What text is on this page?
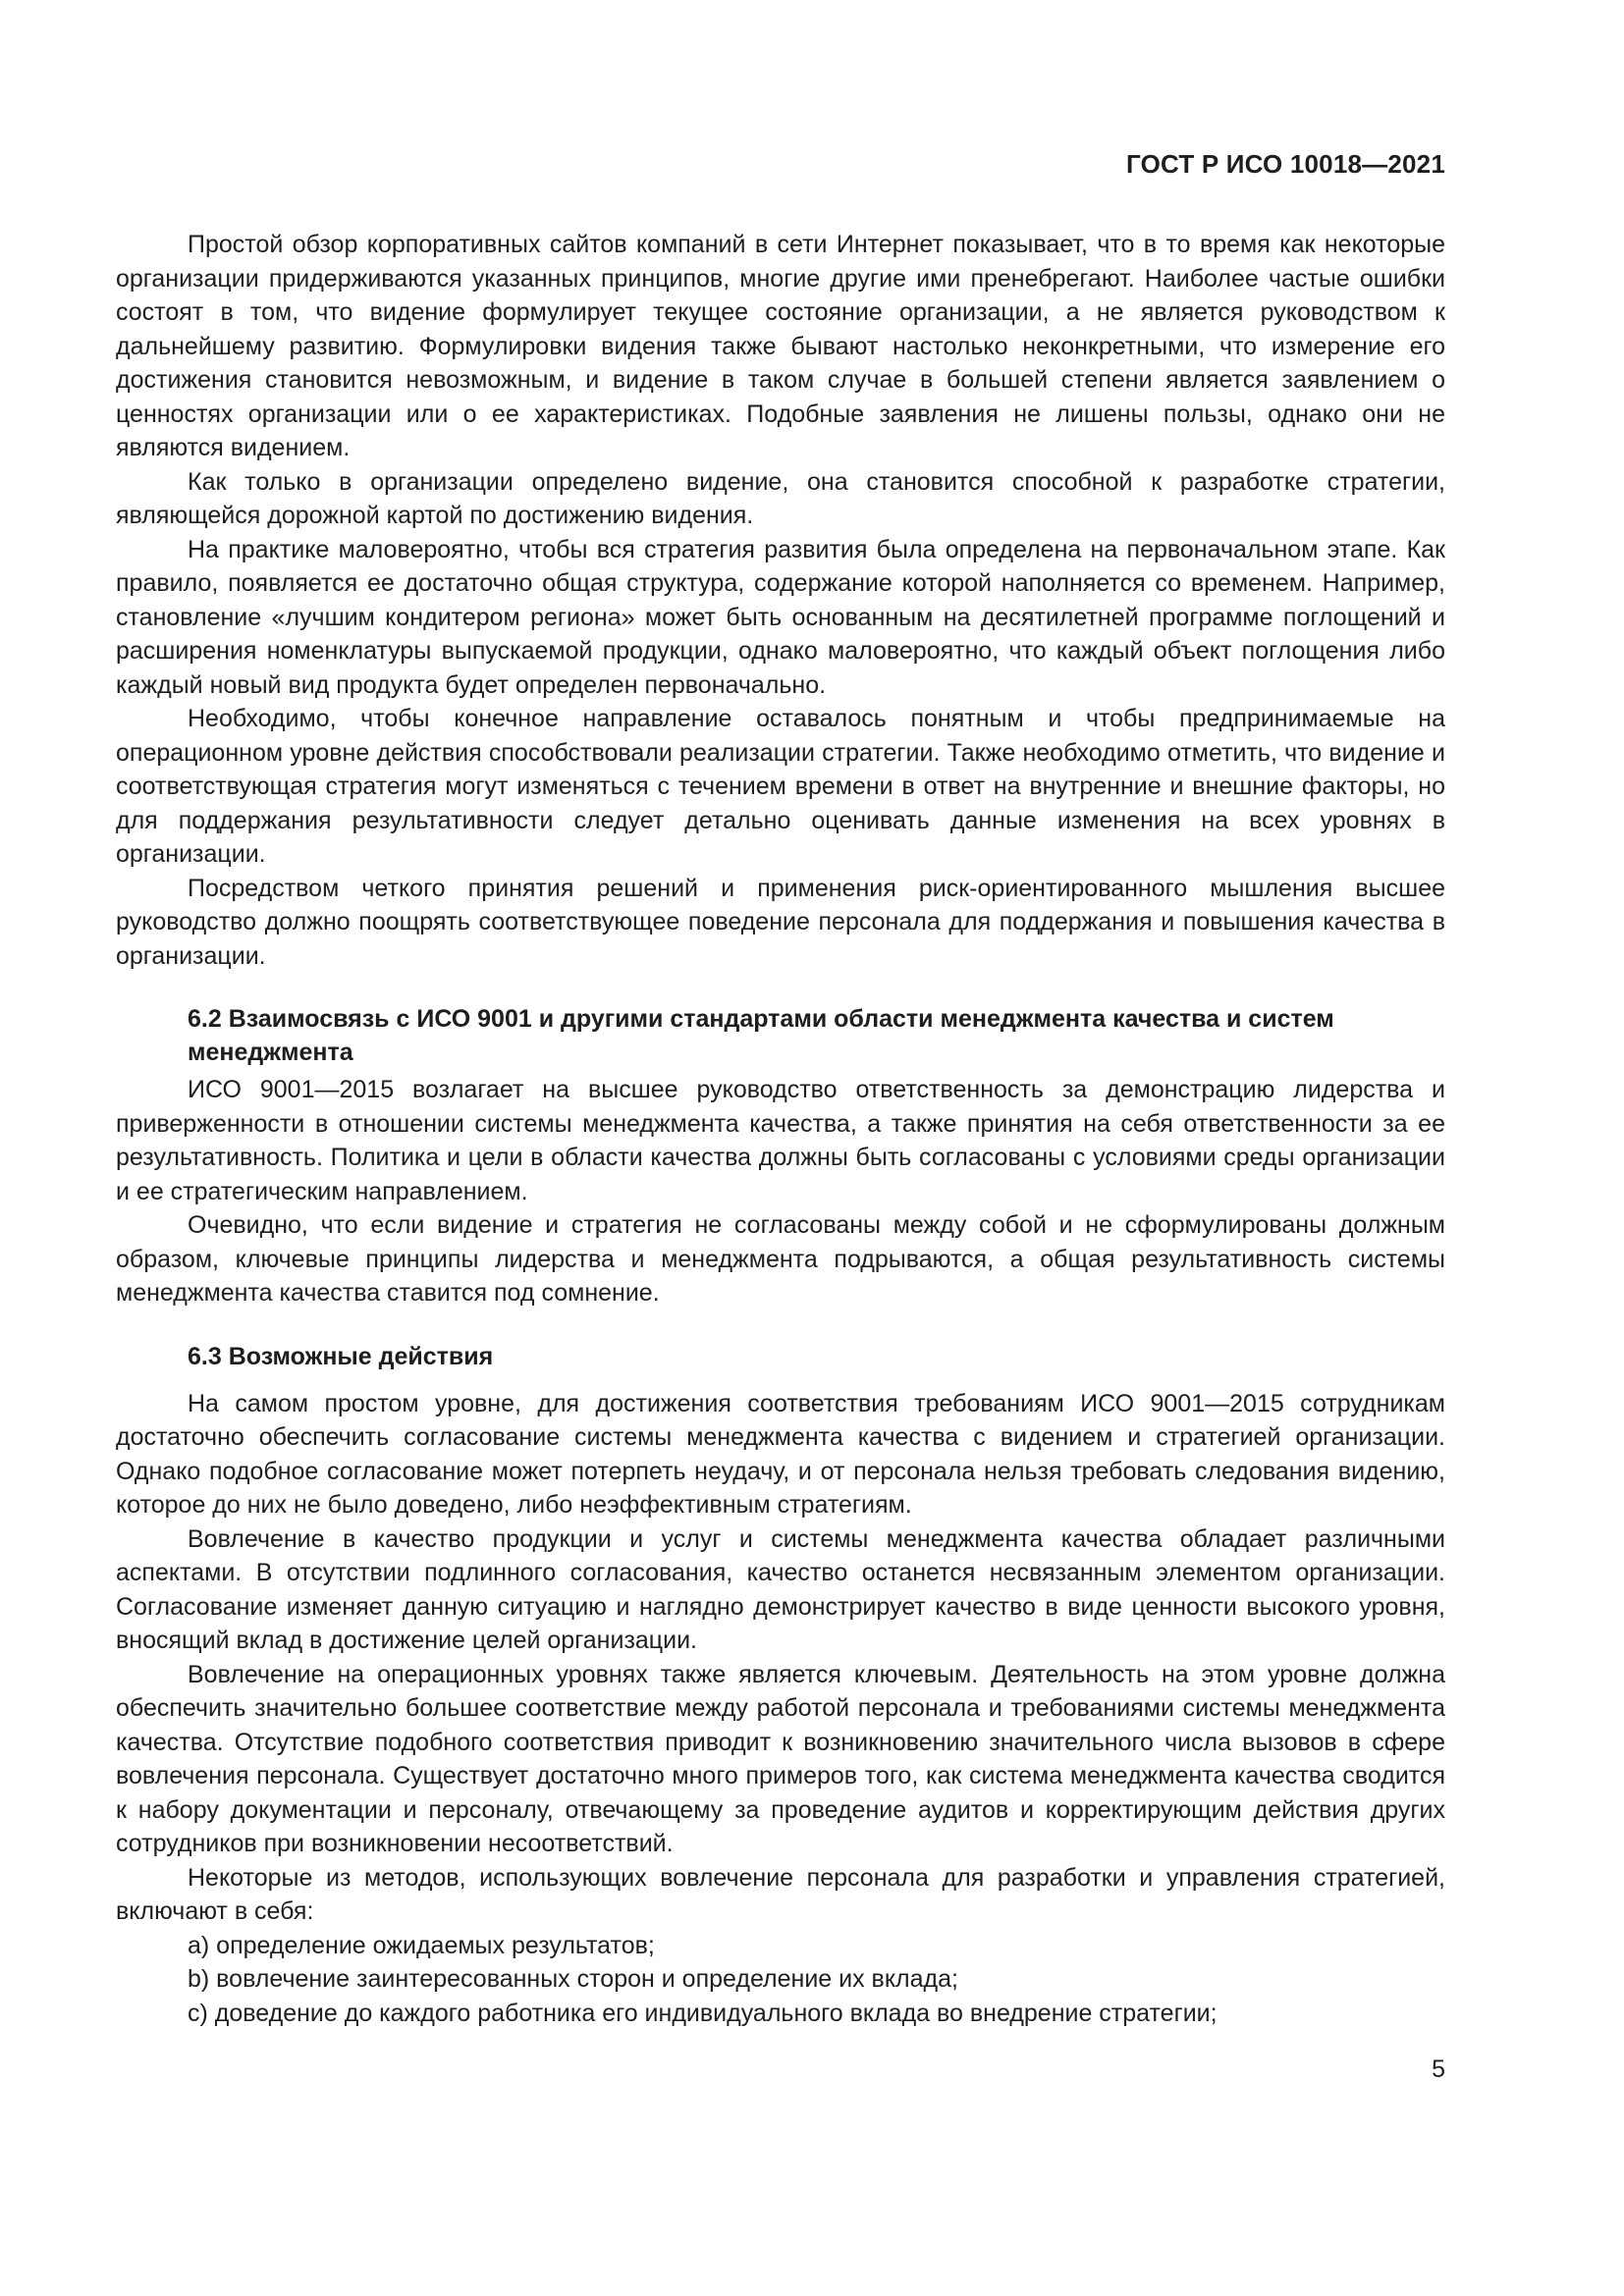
ГОСТ Р ИСО 10018—2021

Простой обзор корпоративных сайтов компаний в сети Интернет показывает, что в то время как некоторые организации придерживаются указанных принципов, многие другие ими пренебрегают. Наиболее частые ошибки состоят в том, что видение формулирует текущее состояние организации, а не является руководством к дальнейшему развитию. Формулировки видения также бывают настолько неконкретными, что измерение его достижения становится невозможным, и видение в таком случае в большей степени является заявлением о ценностях организации или о ее характеристиках. Подобные заявления не лишены пользы, однако они не являются видением.

Как только в организации определено видение, она становится способной к разработке стратегии, являющейся дорожной картой по достижению видения.

На практике маловероятно, чтобы вся стратегия развития была определена на первоначальном этапе. Как правило, появляется ее достаточно общая структура, содержание которой наполняется со временем. Например, становление «лучшим кондитером региона» может быть основанным на десятилетней программе поглощений и расширения номенклатуры выпускаемой продукции, однако маловероятно, что каждый объект поглощения либо каждый новый вид продукта будет определен первоначально.

Необходимо, чтобы конечное направление оставалось понятным и чтобы предпринимаемые на операционном уровне действия способствовали реализации стратегии. Также необходимо отметить, что видение и соответствующая стратегия могут изменяться с течением времени в ответ на внутренние и внешние факторы, но для поддержания результативности следует детально оценивать данные изменения на всех уровнях в организации.

Посредством четкого принятия решений и применения риск-ориентированного мышления высшее руководство должно поощрять соответствующее поведение персонала для поддержания и повышения качества в организации.

6.2 Взаимосвязь с ИСО 9001 и другими стандартами области менеджмента качества и систем менеджмента

ИСО 9001—2015 возлагает на высшее руководство ответственность за демонстрацию лидерства и приверженности в отношении системы менеджмента качества, а также принятия на себя ответственности за ее результативность. Политика и цели в области качества должны быть согласованы с условиями среды организации и ее стратегическим направлением.

Очевидно, что если видение и стратегия не согласованы между собой и не сформулированы должным образом, ключевые принципы лидерства и менеджмента подрываются, а общая результативность системы менеджмента качества ставится под сомнение.

6.3 Возможные действия

На самом простом уровне, для достижения соответствия требованиям ИСО 9001—2015 сотрудникам достаточно обеспечить согласование системы менеджмента качества с видением и стратегией организации. Однако подобное согласование может потерпеть неудачу, и от персонала нельзя требовать следования видению, которое до них не было доведено, либо неэффективным стратегиям.

Вовлечение в качество продукции и услуг и системы менеджмента качества обладает различными аспектами. В отсутствии подлинного согласования, качество останется несвязанным элементом организации. Согласование изменяет данную ситуацию и наглядно демонстрирует качество в виде ценности высокого уровня, вносящий вклад в достижение целей организации.

Вовлечение на операционных уровнях также является ключевым. Деятельность на этом уровне должна обеспечить значительно большее соответствие между работой персонала и требованиями системы менеджмента качества. Отсутствие подобного соответствия приводит к возникновению значительного числа вызовов в сфере вовлечения персонала. Существует достаточно много примеров того, как система менеджмента качества сводится к набору документации и персоналу, отвечающему за проведение аудитов и корректирующим действия других сотрудников при возникновении несоответствий.

Некоторые из методов, использующих вовлечение персонала для разработки и управления стратегией, включают в себя:

а) определение ожидаемых результатов;
b) вовлечение заинтересованных сторон и определение их вклада;
c) доведение до каждого работника его индивидуального вклада во внедрение стратегии;
5
